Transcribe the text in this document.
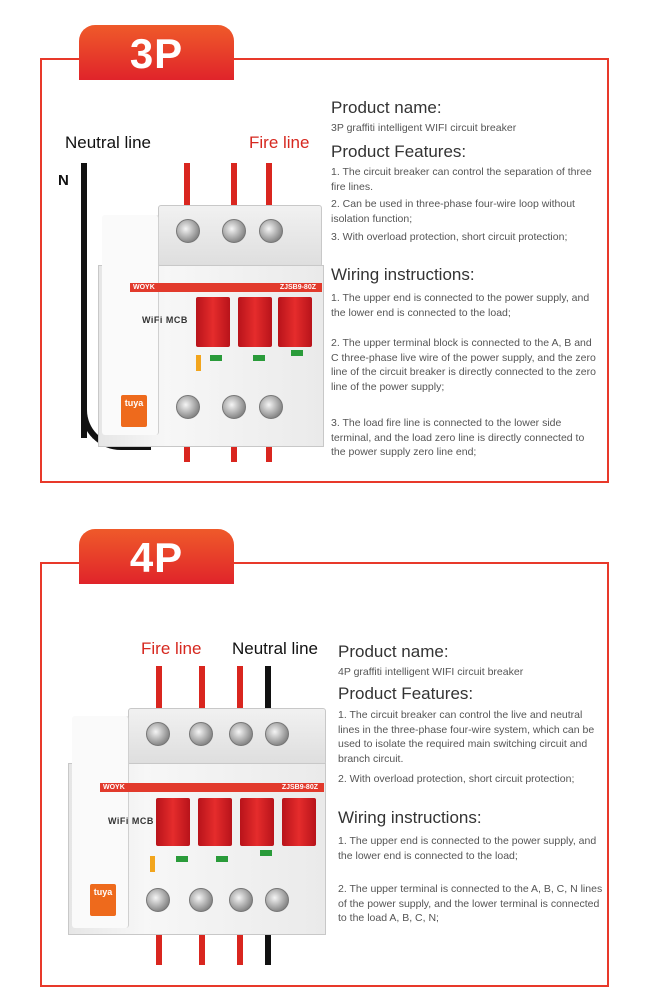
3P
Neutral line	Fire line
N
WOYK	ZJSB9-80Z
WiFi MCB
tuya
Product name:
3P graffiti intelligent WIFI circuit breaker
Product Features:
1. The circuit breaker can control the separation of three fire lines.
2. Can be used in three-phase four-wire loop without isolation function;
3. With overload protection, short circuit protection;
Wiring instructions:
1. The upper end is connected to the power supply, and the lower end is connected to the load;
2. The upper terminal block is connected to the A, B and C three-phase live wire of the power supply, and the zero line of the circuit breaker is directly connected to the zero line of the power supply;
3. The load fire line is connected to the lower side terminal, and the load zero line is directly connected to the power supply zero line end;
4P
Fire line Neutral line
WOYK	ZJSB9-80Z
WiFi MCB
tuya
Product name:
4P graffiti intelligent WIFI circuit breaker
Product Features:
1. The circuit breaker can control the live and neutral lines in the three-phase four-wire system, which can be used to isolate the required main switching circuit and branch circuit.
2. With overload protection, short circuit protection;
Wiring instructions:
1. The upper end is connected to the power supply, and the lower end is connected to the load;
2. The upper terminal is connected to the A, B, C, N lines of the power supply, and the lower terminal is connected to the load A, B, C, N;
